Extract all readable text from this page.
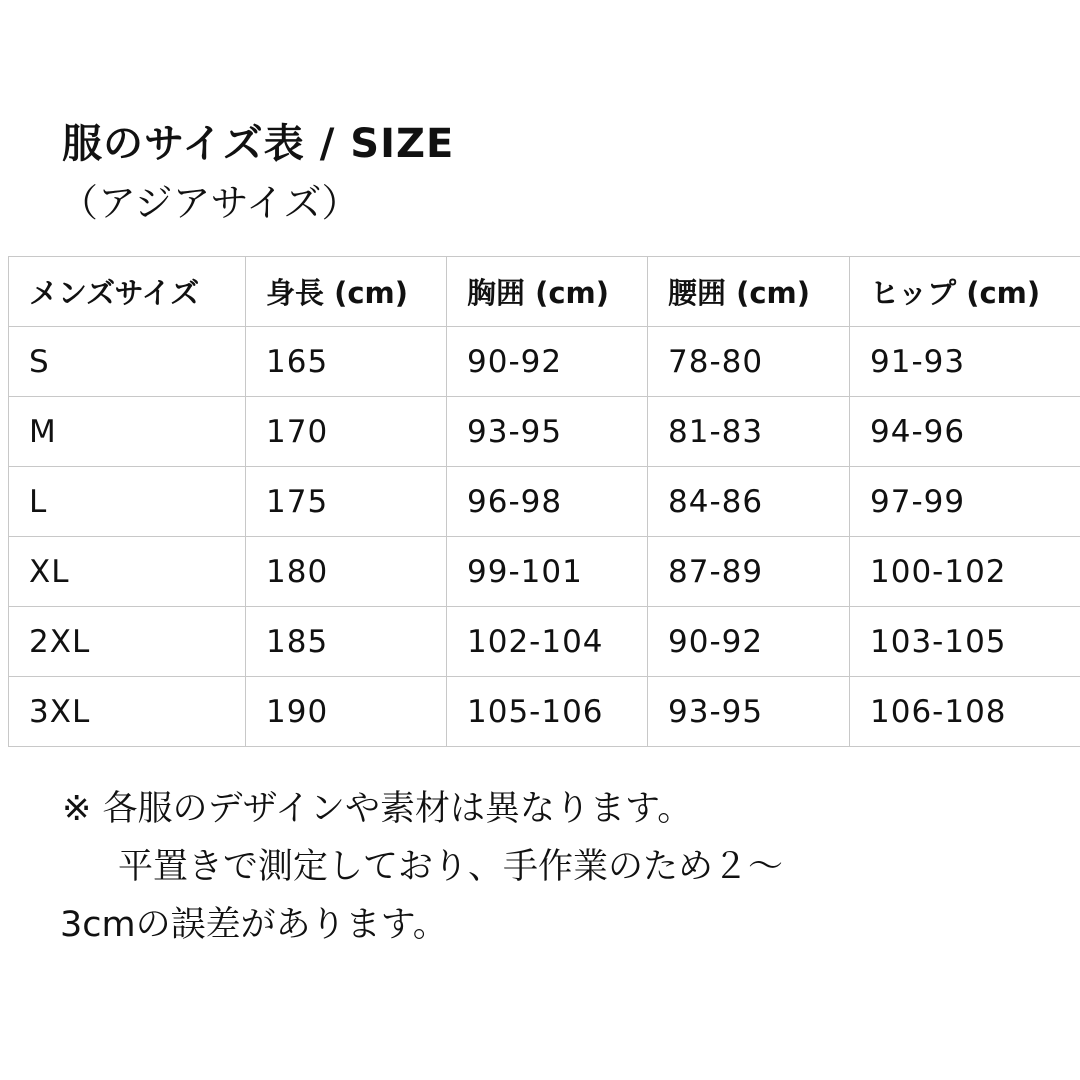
服のサイズ表 / SIZE
（アジアサイズ）
メンズサイズ	身長 (cm)	胸囲 (cm)	腰囲 (cm)	ヒップ (cm)
S	165	90-92	78-80	91-93
M	170	93-95	81-83	94-96
L	175	96-98	84-86	97-99
XL	180	99-101	87-89	100-102
2XL	185	102-104	90-92	103-105
3XL	190	105-106	93-95	106-108
※ 各服のデザインや素材は異なります。
平置きで測定しており、手作業のため２～
3cmの誤差があります。
